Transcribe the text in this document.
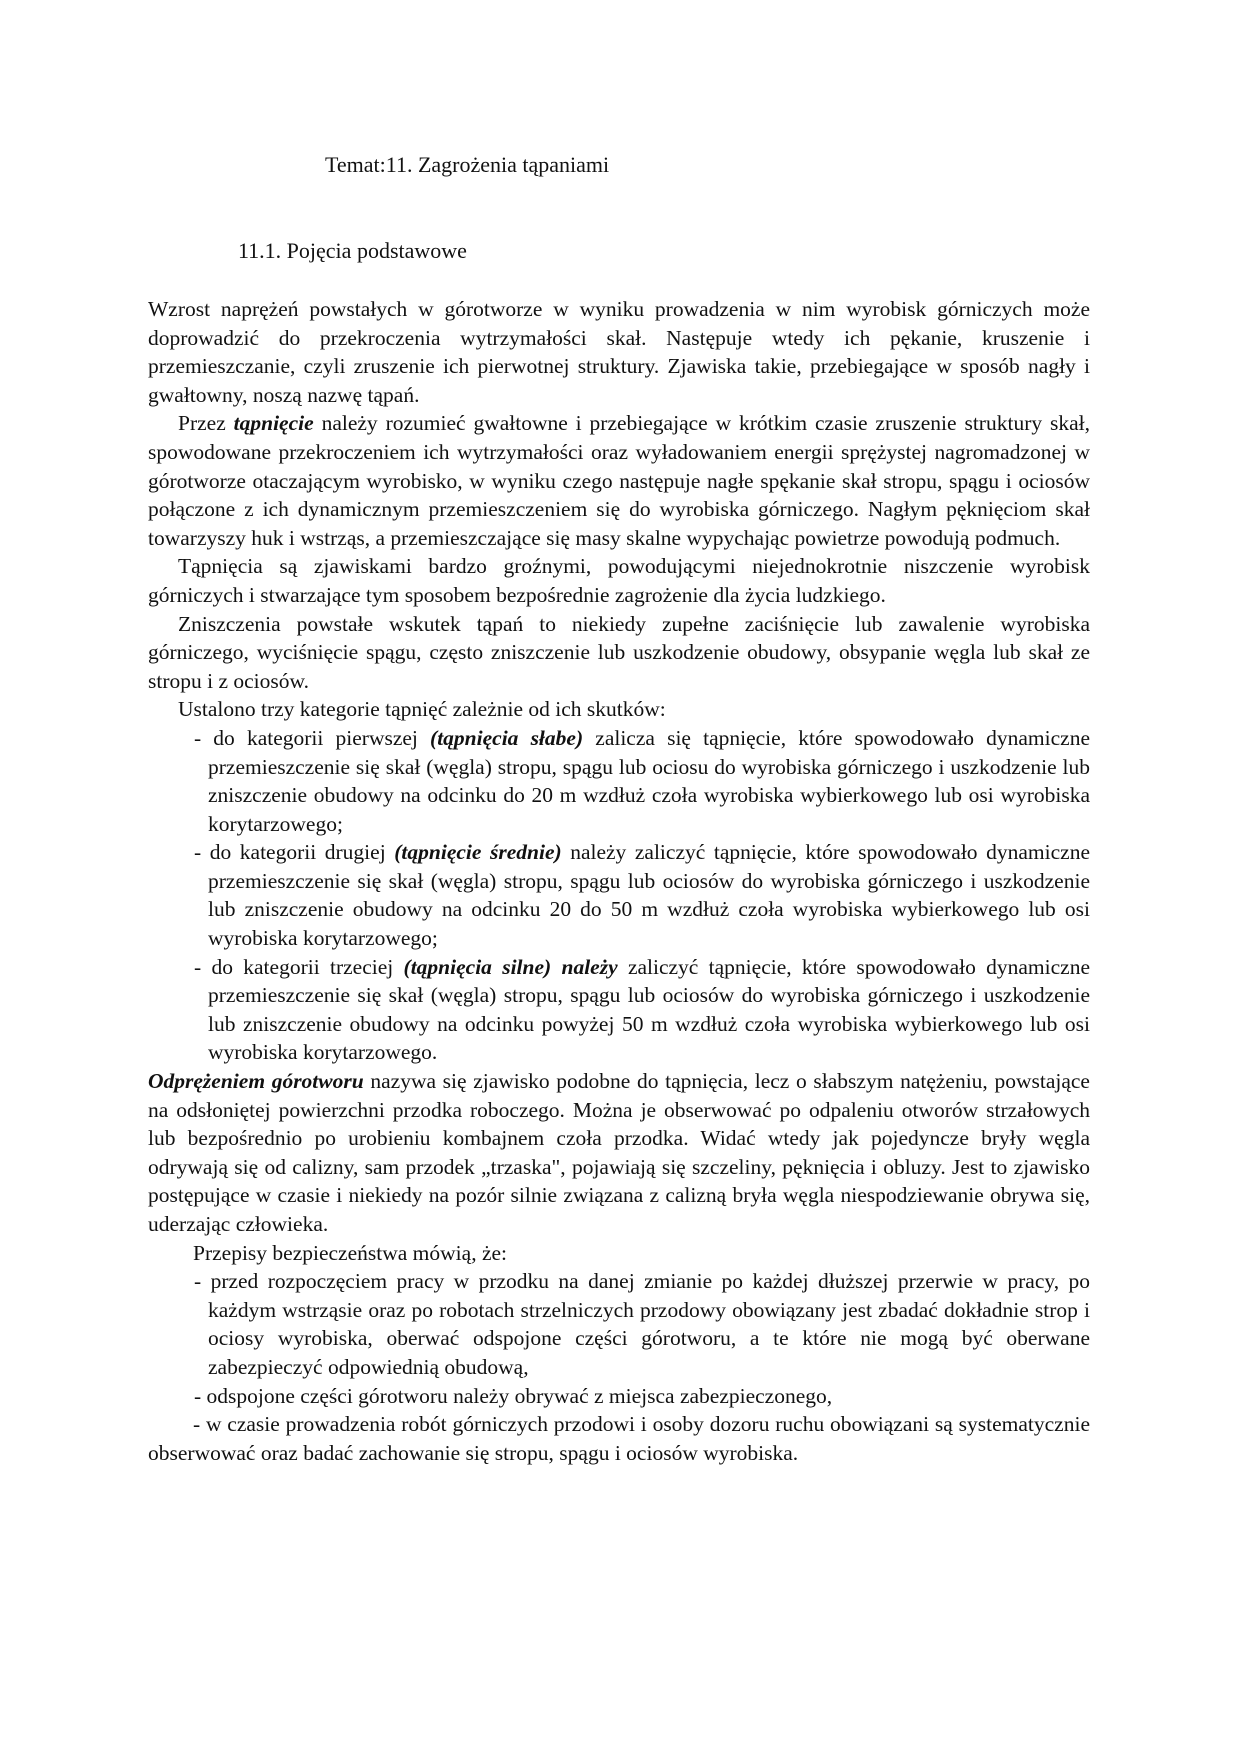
Temat:11. Zagrożenia tąpaniami
11.1. Pojęcia podstawowe

Wzrost naprężeń powstałych w górotworze w wyniku prowadzenia w nim wyrobisk górniczych może doprowadzić do przekroczenia wytrzymałości skał. Następuje wtedy ich pękanie, kruszenie i przemieszczanie, czyli zruszenie ich pierwotnej struktury. Zjawiska takie, przebiegające w sposób nagły i gwałtowny, noszą nazwę tąpań.

Przez tąpnięcie należy rozumieć gwałtowne i przebiegające w krótkim czasie zruszenie struktury skał, spowodowane przekroczeniem ich wytrzymałości oraz wyładowaniem energii sprężystej nagromadzonej w górotworze otaczającym wyrobisko, w wyniku czego następuje nagłe spękanie skał stropu, spągu i ociosów połączone z ich dynamicznym przemieszczeniem się do wyrobiska górniczego. Nagłym pęknięciom skał towarzyszy huk i wstrząs, a przemieszczające się masy skalne wypychając powietrze powodują podmuch.

Tąpnięcia są zjawiskami bardzo groźnymi, powodującymi niejednokrotnie niszczenie wyrobisk górniczych i stwarzające tym sposobem bezpośrednie zagrożenie dla życia ludzkiego.

Zniszczenia powstałe wskutek tąpań to niekiedy zupełne zaciśnięcie lub zawalenie wyrobiska górniczego, wyciśnięcie spągu, często zniszczenie lub uszkodzenie obudowy, obsypanie węgla lub skał ze stropu i z ociosów.

Ustalono trzy kategorie tąpnięć zależnie od ich skutków:

- do kategorii pierwszej (tąpnięcia słabe) zalicza się tąpnięcie, które spowodowało dynamiczne przemieszczenie się skał (węgla) stropu, spągu lub ociosu do wyrobiska górniczego i uszkodzenie lub zniszczenie obudowy na odcinku do 20 m wzdłuż czoła wyrobiska wybierkowego lub osi wyrobiska korytarzowego;

- do kategorii drugiej (tąpnięcie średnie) należy zaliczyć tąpnięcie, które spowodowało dynamiczne przemieszczenie się skał (węgla) stropu, spągu lub ociosów do wyrobiska górniczego i uszkodzenie lub zniszczenie obudowy na odcinku 20 do 50 m wzdłuż czoła wyrobiska wybierkowego lub osi wyrobiska korytarzowego;

- do kategorii trzeciej (tąpnięcia silne) należy zaliczyć tąpnięcie, które spowodowało dynamiczne przemieszczenie się skał (węgla) stropu, spągu lub ociosów do wyrobiska górniczego i uszkodzenie lub zniszczenie obudowy na odcinku powyżej 50 m wzdłuż czoła wyrobiska wybierkowego lub osi wyrobiska korytarzowego.

Odprężeniem górotworu nazywa się zjawisko podobne do tąpnięcia, lecz o słabszym natężeniu, powstające na odsłoniętej powierzchni przodka roboczego. Można je obserwować po odpaleniu otworów strzałowych lub bezpośrednio po urobieniu kombajnem czoła przodka. Widać wtedy jak pojedyncze bryły węgla odrywają się od calizny, sam przodek „trzaska", pojawiają się szczeliny, pęknięcia i obluzy. Jest to zjawisko postępujące w czasie i niekiedy na pozór silnie związana z calizną bryła węgla niespodziewanie obrywa się, uderzając człowieka.

Przepisy bezpieczeństwa mówią, że:

- przed rozpoczęciem pracy w przodku na danej zmianie po każdej dłuższej przerwie w pracy, po każdym wstrząsie oraz po robotach strzelniczych przodowy obowiązany jest zbadać dokładnie strop i ociosy wyrobiska, oberwać odspojone części górotworu, a te które nie mogą być oberwane zabezpieczyć odpowiednią obudową,

- odspojone części górotworu należy obrywać z miejsca zabezpieczonego,

- w czasie prowadzenia robót górniczych przodowi i osoby dozoru ruchu obowiązani są systematycznie obserwować oraz badać zachowanie się stropu, spągu i ociosów wyrobiska.
